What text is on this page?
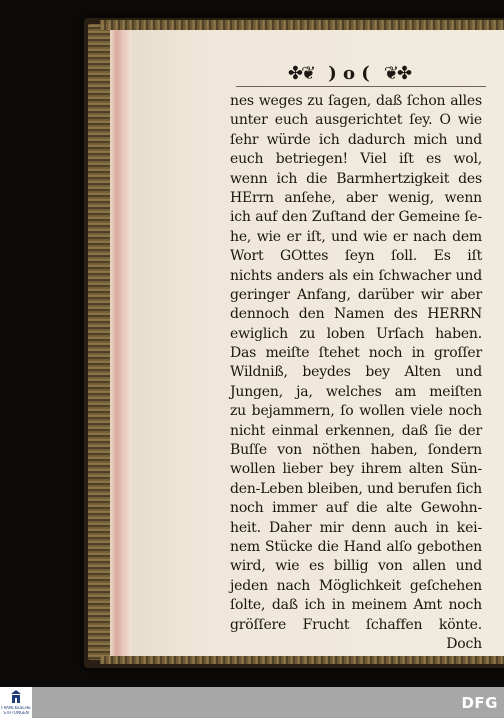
✤❦ ) o ( ❦✤
nes weges zu ſagen, daß ſchon alles
unter euch ausgerichtet ſey. O wie
ſehr würde ich dadurch mich und
euch betriegen! Viel iſt es wol,
wenn ich die Barmhertzigkeit des
HErrn anſehe, aber wenig, wenn
ich auf den Zuſtand der Gemeine ſe-
he, wie er iſt, und wie er nach dem
Wort GOttes ſeyn ſoll. Es iſt
nichts anders als ein ſchwacher und
geringer Anfang, darüber wir aber
dennoch den Namen des HERRN
ewiglich zu loben Urſach haben.
Das meiſte ſtehet noch in groſſer
Wildniß, beydes bey Alten und
Jungen, ja, welches am meiſten
zu bejammern, ſo wollen viele noch
nicht einmal erkennen, daß ſie der
Buſſe von nöthen haben, ſondern
wollen lieber bey ihrem alten Sün-
den-Leben bleiben, und berufen ſich
noch immer auf die alte Gewohn-
heit. Daher mir denn auch in kei-
nem Stücke die Hand alſo gebothen
wird, wie es billig von allen und
jeden nach Möglichkeit geſchehen
ſolte, daß ich in meinem Amt noch
gröſſere Frucht ſchaffen könte.
Doch
FRANCKESCHE
STIFTUNGEN
DFG
